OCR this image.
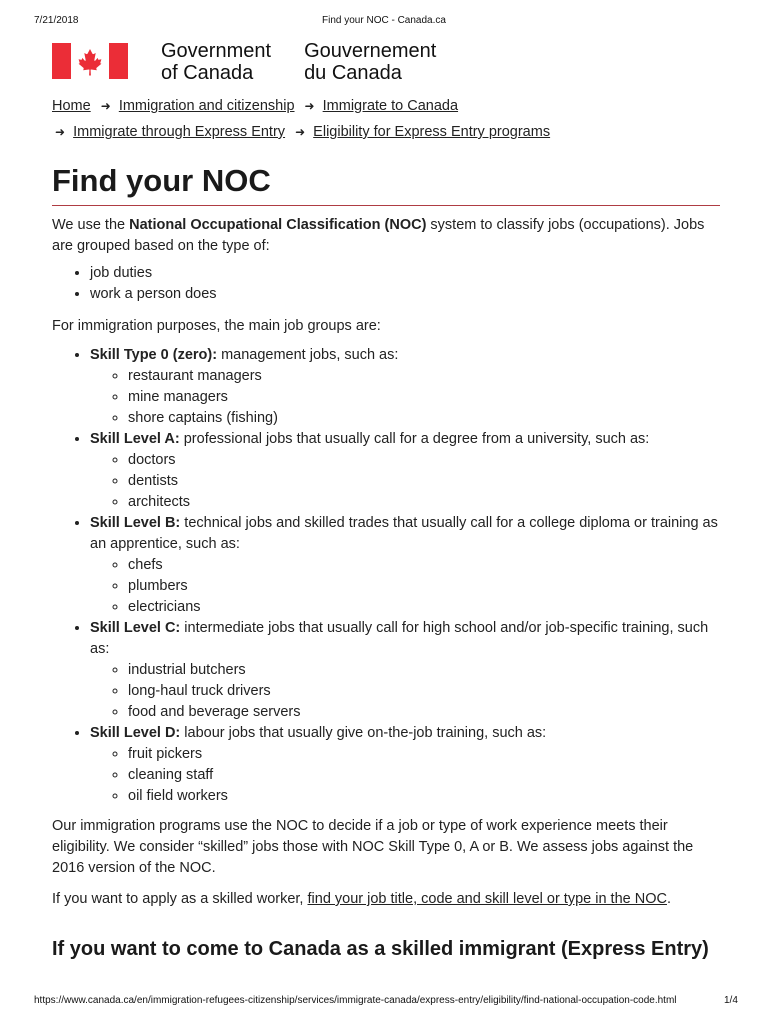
7/21/2018	Find your NOC - Canada.ca
Government
of Canada
Gouvernement
du Canada
Home ➜ Immigration and citizenship ➜ Immigrate to Canada
➜ Immigrate through Express Entry ➜ Eligibility for Express Entry programs
Find your NOC

We use the National Occupational Classification (NOC) system to classify jobs (occupations). Jobs are grouped based on the type of:

• job duties
• work a person does

For immigration purposes, the main job groups are:

• Skill Type 0 (zero): management jobs, such as:
◦ restaurant managers
◦ mine managers
◦ shore captains (fishing)
• Skill Level A: professional jobs that usually call for a degree from a university, such as:
◦ doctors
◦ dentists
◦ architects
• Skill Level B: technical jobs and skilled trades that usually call for a college diploma or training as an apprentice, such as:
◦ chefs
◦ plumbers
◦ electricians
• Skill Level C: intermediate jobs that usually call for high school and/or job-specific training, such as:
◦ industrial butchers
◦ long-haul truck drivers
◦ food and beverage servers
• Skill Level D: labour jobs that usually give on-the-job training, such as:
◦ fruit pickers
◦ cleaning staff
◦ oil field workers

Our immigration programs use the NOC to decide if a job or type of work experience meets their eligibility. We consider “skilled” jobs those with NOC Skill Type 0, A or B. We assess jobs against the 2016 version of the NOC.

If you want to apply as a skilled worker, find your job title, code and skill level or type in the NOC.

If you want to come to Canada as a skilled immigrant (Express Entry)
https://www.canada.ca/en/immigration-refugees-citizenship/services/immigrate-canada/express-entry/eligibility/find-national-occupation-code.html	1/4
